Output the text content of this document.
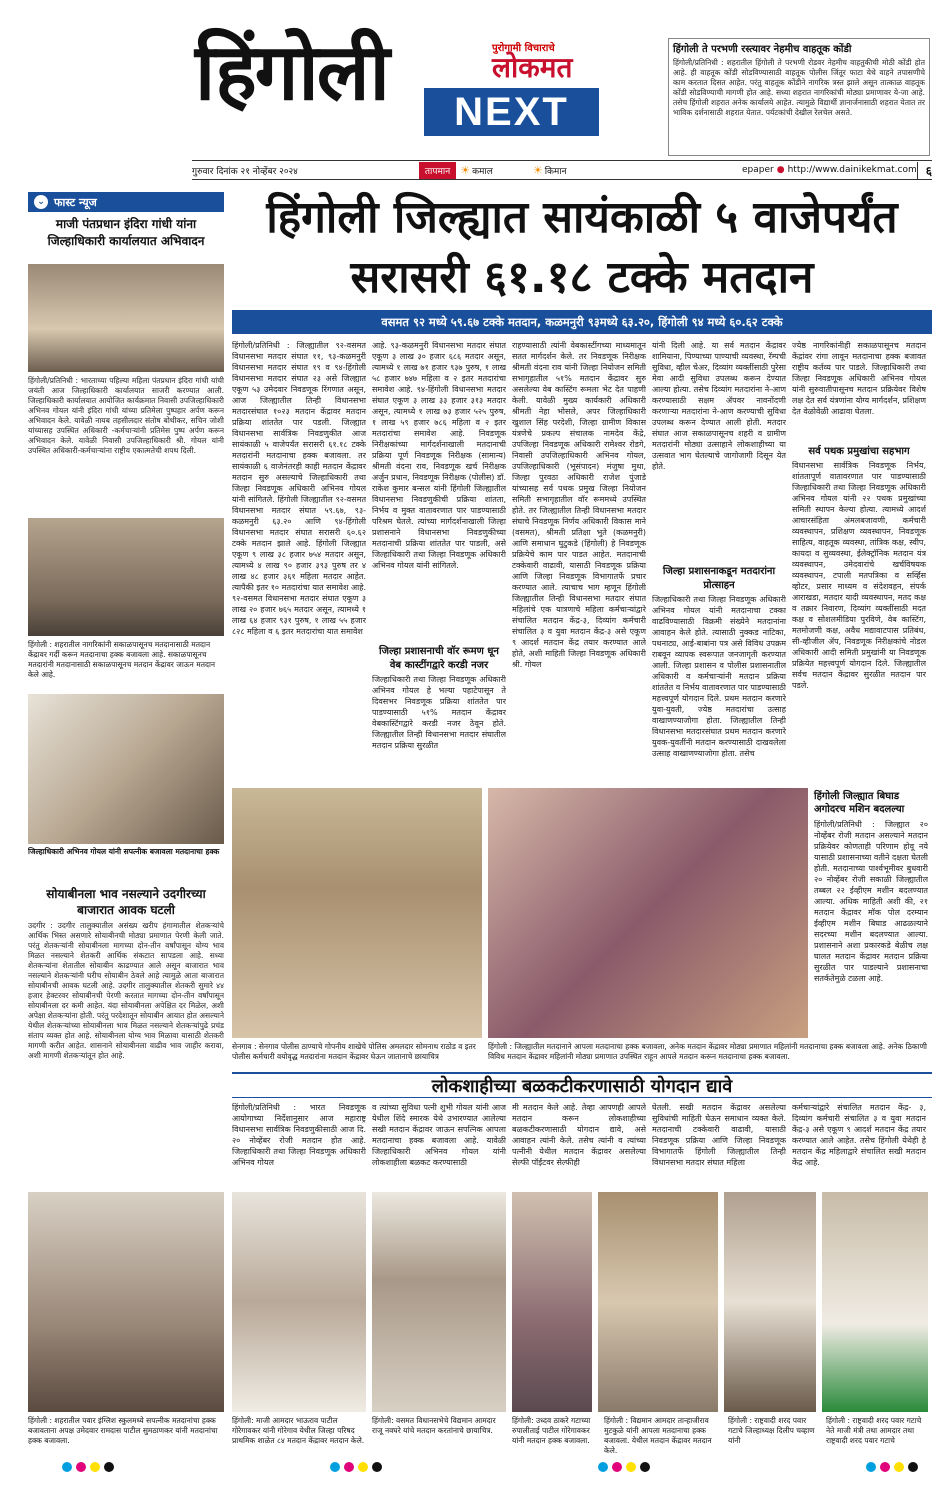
हिंगोली	पुरोगामी विचाराचे
लोकमत
NEXT
हिंगोली ते परभणी रस्त्यावर नेहमीच वाहतूक कोंडी
हिंगोली/प्रतिनिधी : शहरातील हिंगोली ते परभणी रोडवर नेहमीच वाहतुकीची मोठी कोंडी होत आहे. ही वाहतूक कोंडी सोडविण्यासाठी वाहतूक पोलीस जिंतूर फाटा येथे वाहने तपासणीचे काम करतात दिसत आहेत. परंतु वाहतूक कोंडीने नागरिक त्रस्त झाले असून तात्काळ वाहतूक कोंडी सोडविण्याची मागणी होत आहे. सध्या शहरात नागरिकांची मोठ्या प्रमाणावर ये-जा आहे. तसेच हिंगोली शहरात अनेक कार्यालये आहेत. त्यामुळे विद्यार्थी ज्ञानार्जनासाठी शहरात येतात तर भाविक दर्शनासाठी शहरात येतात. पर्यटकांची देखील रेलचेल असते.
गुरुवार दिनांक २१ नोव्हेंबर २०२४	तापमान ☀ कमाल	☀ किमान	epaper ● http://www.dainikekmat.com ६
⌄ फास्ट न्यूज
माजी पंतप्रधान इंदिरा गांधी यांना जिल्हाधिकारी कार्यालयात अभिवादन
हिंगोली/प्रतिनिधी : भारताच्या पहिल्या महिला पंतप्रधान इंदिरा गांधी यांची जयंती आज जिल्हाधिकारी कार्यालयात साजरी करण्यात आली. जिल्हाधिकारी कार्यालयात आयोजित कार्यक्रमात निवासी उपजिल्हाधिकारी अभिनव गोयल यांनी इंदिरा गांधी यांच्या प्रतिमेला पुष्पहार अर्पण करून अभिवादन केले. यावेळी नायब तहसीलदार संतोष बोथीकर, सचिन जोशी यांच्यासह उपस्थित अधिकारी -कर्मचाऱ्यांनी प्रतिमेस पुष्प अर्पण करून अभिवादन केले. यावेळी निवासी उपजिल्हाधिकारी श्री. गोयल यांनी उपस्थित अधिकारी-कर्मचाऱ्यांना राष्ट्रीय एकात्मतेची शपथ दिली.
हिंगोली : शहरातील नागरिकांनी सकाळपासूनच मतदानासाठी मतदान केंद्रावर गर्दी करून मतदानाचा हक्क बजावला आहे. सकाळपासूनच मतदारांनी मतदानासाठी सकाळपासूनच मतदान केंद्रावर जाऊन मतदान केले आहे.
जिल्हाधिकारी अभिनव गोयल यांनी सपत्नीक बजावला मतदानाचा हक्क
हिंगोली जिल्ह्यात सायंकाळी ५ वाजेपर्यंत
सरासरी ६१.१८ टक्के मतदान
वसमत ९२ मध्ये ५९.६७ टक्के मतदान, कळमनुरी ९३मध्ये ६३.२०, हिंगोली ९४ मध्ये ६०.६२ टक्के
हिंगोली/प्रतिनिधी : जिल्ह्यातील ९२-वसमत विधानसभा मतदार संघात ११, ९३-कळमनुरी विधानसभा मतदार संघात १९ व ९४-हिंगोली विधानसभा मतदार संघात २३ असे जिल्ह्यात एकूण ५३ उमेदवार निवडणूक रिंगणात असून, आज जिल्ह्यातील तिन्ही विधानसभा मतदारसंघात १०२३ मतदान केंद्रावर मतदान प्रक्रिया शांततेत पार पडली. जिल्ह्यात विधानसभा सार्वत्रिक निवडणुकीत आज सायंकाळी ५ वाजेपर्यंत सरासरी ६१.१८ टक्के मतदारांनी मतदानाचा हक्क बजावला. तर सायंकाळी ६ वाजेनंतरही काही मतदान केंद्रावर मतदान सुरु असल्याचे जिल्हाधिकारी तथा जिल्हा निवडणूक अधिकारी अभिनव गोयल यांनी सांगितले. हिंगोली जिल्ह्यातील ९२-वसमत विधानसभा मतदार संघात ५९.६७, ९३-कळमनुरी ६३.२० आणि ९४-हिंगोली विधानसभा मतदार संघात सरासरी ६०.६२ टक्के मतदान झाले आहे. हिंगोली जिल्ह्यात एकूण ९ लाख ३८ हजार ७५४ मतदार असून, त्यामध्ये ४ लाख ९० हजार ३९३ पुरुष तर ४ लाख ४८ हजार ३६१ महिला मतदार आहेत. त्यापैकी इतर १० मतदारांचा यात समावेश आहे. ९२-वसमत विधानसभा मतदार संघात एकूण ३ लाख २० हजार ७६५ मतदार असून, त्यामध्ये १ लाख ६४ हजार ९३१ पुरुष, १ लाख ५५ हजार ८२८ महिला व ६ इतर मतदारांचा यात समावेश
आहे. ९३-कळमनुरी विधानसभा मतदार संघात एकूण ३ लाख ३० हजार ६८६ मतदार असून, त्यामध्ये १ लाख ७१ हजार ९३७ पुरुष, १ लाख ५८ हजार ७४७ महिला व २ इतर मतदारांचा समावेश आहे. ९४-हिंगोली विधानसभा मतदार संघात एकूण ३ लाख ३३ हजार ३१३ मतदार असून, त्यामध्ये १ लाख ७३ हजार ५२५ पुरुष, १ लाख ५९ हजार ७८६ महिला व २ इतर मतदारांचा समावेश आहे. निवडणूक निरीक्षकांच्या मार्गदर्शनाखाली मतदानाची प्रक्रिया पूर्ण निवडणूक निरीक्षक (सामान्य) श्रीमती वंदना राव, निवडणूक खर्च निरीक्षक अर्जुन प्रधान, निवडणूक निरीक्षक (पोलीस) डॉ. राकेश कुमार बन्सल यांनी हिंगोली जिल्ह्यातील विधानसभा निवडणुकीची प्रक्रिया शांतता, निर्भय व मुक्त वातावरणात पार पाडण्यासाठी परिश्रम घेतले. त्यांच्या मार्गदर्शनाखाली जिल्हा प्रशासनाने विधानसभा निवडणुकीच्या मतदानाची प्रक्रिया शांततेत पार पाडली, असे जिल्हाधिकारी तथा जिल्हा निवडणूक अधिकारी अभिनव गोयल यांनी सांगितले.
जिल्हा प्रशासनाची वॉर रूमण धून वेब कास्टींगद्वारे करडी नजर
जिल्हाधिकारी तथा जिल्हा निवडणूक अधिकारी अभिनव गोयल हे भल्या पहाटेपासून ते दिवसभर निवडणूक प्रक्रिया शांततेत पार पाडण्यासाठी ५१% मतदान केंद्रावर वेबकास्टिंगद्वारे करडी नजर ठेवून होते. जिल्ह्यातील तिन्ही विधानसभा मतदार संघातील मतदान प्रक्रिया सुरळीत
राहण्यासाठी त्यांनी वेबकास्टींगच्या माध्यमातून सतत मार्गदर्शन केले. तर निवडणूक निरीक्षक श्रीमती वंदना राव यांनी जिल्हा नियोजन समिती सभागृहातील ५१% मतदान केंद्रावर सुरु असलेल्या वेब कास्टिंग रूमला भेट देत पाहणी केली. यावेळी मुख्य कार्यकारी अधिकारी श्रीमती नेहा भोसले, अपर जिल्हाधिकारी खुशाल सिंह परदेशी, जिल्हा ग्रामीण विकास यंत्रणेचे प्रकल्प संचालक नामदेव केंद्रे, उपजिल्हा निवडणूक अधिकारी रामेश्वर रोडगे, निवासी उपजिल्हाधिकारी अभिनव गोयल, उपजिल्हाधिकारी (भूसंपादन) मंजुषा मुथा, जिल्हा पुरवठा अधिकारी राजेश पुंजाडे यांच्यासह सर्व पथक प्रमुख जिल्हा नियोजन समिती सभागृहातील वॉर रूममध्ये उपस्थित होते. तर जिल्ह्यातील तिन्ही विधानसभा मतदार संघाचे निवडणूक निर्णय अधिकारी विकास माने (वसमत), श्रीमती प्रतिक्षा भुते (कळमनुरी) आणि समाधान घुटुकडे (हिंगोली) हे निवडणूक प्रक्रियेचे काम पार पाडत आहेत. मतदानाची टक्केवारी वाढावी, यासाठी निवडणूक प्रक्रिया आणि जिल्हा निवडणूक विभागातर्फे प्रचार करण्यात आले. त्याचाच भाग म्हणून हिंगोली जिल्ह्यातील तिन्ही विधानसभा मतदार संघात महिलांचे एक यात्रणाचे महिला कर्मचाऱ्यांद्वारे संचालित मतदान केंद्र-३, दिव्यांग कर्मचारी संचालित ३ व युवा मतदान केंद्र-३ असे एकूण ९ आदर्श मतदान केंद्र तयार करण्यात आले होते, अशी माहिती जिल्हा निवडणूक अधिकारी श्री. गोयल
यांनी दिली आहे. या सर्व मतदान केंद्रावर शामियाना, पिण्याच्या पाण्याची व्यवस्था, रॅम्पची सुविधा, व्हील चेअर, दिव्यांग व्यक्तींसाठी पुरेसा मेवा आदी सुविधा उपलब्ध करून देण्यात आल्या होत्या. तसेच दिव्यांग मतदारांना ने-आण करण्यासाठी सक्षम ॲपवर नावनोंदणी करणाऱ्या मतदारांना ने-आण करण्याची सुविधा उपलब्ध करून देण्यात आली होती. मतदार संघात आज सकाळपासूनच शहरी व ग्रामीण मतदारांनी मोठ्या उत्साहाने लोकशाहीच्या या उत्सवात भाग घेतल्याचे जागोजागी दिसून येत होते.
जिल्हा प्रशासनाकडून मतदारांना प्रोत्साहन
जिल्हाधिकारी तथा जिल्हा निवडणूक अधिकारी अभिनव गोयल यांनी मतदानाचा टक्का वाढविण्यासाठी विक्रमी संख्येने मतदानांना आवाहन केले होते. त्यासाठी नुक्कड नाटिका, पथनाट्य, आई-बाबांना पत्र असे विविध उपक्रम राबवून व्यापक स्वरूपात जनजागृती करण्यात आली. जिल्हा प्रशासन व पोलीस प्रशासनातील अधिकारी व कर्मचाऱ्यांनी मतदान प्रक्रिया शांततेत व निर्भय वातावरणात पार पाडण्यासाठी महत्त्वपूर्ण योगदान दिले. प्रथम मतदान करणारे युवा-युवती, ज्येष्ठ मतदारांचा उत्साह वाखाणण्याजोगा होता. जिल्ह्यातील तिन्ही विधानसभा मतदारसंघात प्रथम मतदान करणारे युवक-युवतींनी मतदान करण्यासाठी दाखवलेला उत्साह वाखाणण्याजोगा होता. तसेच
ज्येष्ठ नागरिकांनीही सकाळपासूनच मतदान केंद्रांवर रांगा लावून मतदानाचा हक्क बजावत राष्ट्रीय कर्तव्य पार पाडले. जिल्हाधिकारी तथा जिल्हा निवडणूक अधिकारी अभिनव गोयल यांनी सुरुवातीपासूनच मतदान प्रक्रियेवर विशेष लक्ष देत सर्व यंत्रणांना योग्य मार्गदर्शन, प्रशिक्षण देत वेळोवेळी आढावा घेतला.
सर्व पथक प्रमुखांचा सहभाग
विधानसभा सार्वत्रिक निवडणूक निर्भय, शांततापूर्ण वातावरणात पार पाडण्यासाठी जिल्हाधिकारी तथा जिल्हा निवडणूक अधिकारी अभिनव गोयल यांनी २२ पथक प्रमुखांच्या समिती स्थापन केल्या होत्या. त्यामध्ये आदर्श आचारसंहिता अंमलबजावणी, कर्मचारी व्यवस्थापन, प्रशिक्षण व्यवस्थापन, निवडणूक साहित्य, वाहतूक व्यवस्था, तांत्रिक कक्ष, स्वीप, कायदा व सुव्यवस्था, ईलेक्ट्रॉनिक मतदान यंत्र व्यवस्थापन, उमेदवारांचे खर्चविषयक व्यवस्थापन, टपाली मतपत्रिका व सर्व्हिस व्होटर, प्रसार माध्यम व संदेशवहन, संपर्क आराखडा, मतदार यादी व्यवस्थापन, मतद कक्ष व तक्रार निवारण, दिव्यांग व्यक्तींसाठी मदत कक्ष व सोशलमीडिया पुरविणे, वेब कास्टिंग, मतमोजणी कक्ष, अवैध मद्यावाटपास प्रतिबंध, सी-व्हीजील ॲप, निवडणूक निरीक्षकांचे नोडल अधिकारी आदी समिती प्रमुखांनी या निवडणूक प्रक्रियेत महत्त्वपूर्ण योगदान दिले. जिल्ह्यातील सर्वच मतदान केंद्रावर सुरळीत मतदान पार पडले.
सेनगाव : सेनगाव पोलीस ठाण्याचे गोपनीय शाखेचे पोलिस अमलदार सोमनाथ राठोड व इतर पोलीस कर्मचारी वयोवृद्ध मतदारांना मतदान केंद्रावर घेऊन जातानाचे छायाचित्र
हिंगोली : जिल्ह्यातील मतदानाने आपला मतदानाचा हक्क बजावला, अनेक मतदान केंद्रावर मोठ्या प्रमाणात महिलांनी मतदानाचा हक्क बजावला आहे. अनेक ठिकाणी विविध मतदान केंद्रावर महिलांनी मोठ्या प्रमाणात उपस्थित राहून आपले मतदान करून मतदानाचा हक्क बजावला.
हिंगोली जिल्ह्यात बिघाड अगोदरच मशिन बदलल्या
हिंगोली/प्रतिनिधी : जिल्ह्यात २० नोव्हेंबर रोजी मतदान असल्याने मतदान प्रक्रियेवर कोणताही परिणाम होवू नये यासाठी प्रशासनाच्या वतीने दक्षता घेतली होती. मतदानाच्या पार्श्वभूमीवर बुधवारी २० नोव्हेंबर रोजी सकाळी जिल्ह्यातील तब्बल २२ ईव्हीएम मशीन बदलण्यात आल्या. अधिक माहिती अशी की, २१ मतदान केंद्रावर मॉक पोल दरम्यान ईव्हीएम मशीन बिघाड आढळल्याने सदरच्या मशीन बदलण्यात आल्या. प्रशासनाने अशा प्रकारकडे बेळीच लक्ष घालत मतदान केंद्रावर मतदान प्रक्रिया सुरळीत पार पाडल्याने प्रशासनाचा सतर्कतेमुळे टळला आहे.
सोयाबीनला भाव नसल्याने उदगीरच्या बाजारात आवक घटली
उदगीर : उदगीर तालुक्यातील असंख्य खरीप हंगामातील शेतकऱ्यांचे आर्थिक भिस्त असणारे सोयाबीनची मोठ्या प्रमाणात पेरणी केली जाते. परंतु शेतकऱ्यांनी सोयाबीनला मागच्या दोन-तीन वर्षांपासून योग्य भाव मिळत नसल्याने शेतकरी आर्थिक संकटात सापडला आहे. सध्या शेतकऱ्यांना शेतातील सोयाबीन काढण्यात आले असून बाजारात भाव नसल्याने शेतकऱ्यांनी घरीच सोयाबीन ठेवले आहे त्यामुळे आता बाजारात सोयाबीनची आवक घटली आहे. उदगीर तालुक्यातील शेतकरी सुमारे ४४ हजार हेक्टरवर सोयाबीनची पेरणी करतात मागच्या दोन-तीन वर्षांपासून सोयाबीनला दर कमी आहेत. यंदा सोयाबीनला अपेक्षित दर मिळेल, अशी अपेक्षा शेतकऱ्यांना होती. परंतु परदेशातून सोयाबीन आयात होत असल्याने येथील शेतकऱ्यांच्या सोयाबीनला भाव मिळत नसल्याने शेतकऱ्यांपुढे प्रचंड संताप व्यक्त होत आहे. सोयाबीनला योग्य भाव मिळावा यासाठी शेतकरी मागणी करीत आहेत. शासनाने सोयाबीनला वाढीव भाव जाहीर करावा, अशी मागणी शेतकऱ्यांतून होत आहे.
लोकशाहीच्या बळकटीकरणासाठी योगदान द्यावे
हिंगोली/प्रतिनिधी : भारत निवडणूक आयोगाच्या निर्देशानुसार आज महाराष्ट्र विधानसभा सार्वत्रिक निवडणुकीसाठी आज दि. २० नोव्हेंबर रोजी मतदान होत आहे. जिल्हाधिकारी तथा जिल्हा निवडणूक अधिकारी अभिनव गोयल
व त्यांच्या सुविधा पत्नी शुभी गोयल यांनी आज येथील शिंदे स्मारक येथे उभारण्यात आलेल्या सखी मतदान केंद्रावर जाऊन सपत्निक आपला मतदानाचा हक्क बजावला आहे. यावेळी जिल्हाधिकारी अभिनव गोयल यांनी लोकशाहीला बळकट करण्यासाठी
मी मतदान केले आहे. तेव्हा आपणही आपले मतदान करून लोकशाहीच्या बळकटीकरणासाठी योगदान द्यावे, असे आवाहन त्यांनी केले. तसेच त्यांनी व त्यांच्या पत्नीनी येथील मतदान केंद्रावर असलेल्या सेल्फी पॉईंटवर सेल्फीही
घेतली. सखी मतदान केंद्रावर असलेल्या सुविधांची माहिती घेऊन समाधान व्यक्त केले. मतदानाची टक्केवारी वाढावी, यासाठी निवडणूक प्रक्रिया आणि जिल्हा निवडणूक विभागातर्फे हिंगोली जिल्ह्यातील तिन्ही विधानसभा मतदार संघात महिला
कर्मचाऱ्यांद्वारे संचालित मतदान केंद्र- ३, दिव्यांग कर्मचारी संचालित ३ व युवा मतदान केंद्र-३ असे एकूण ९ आदर्श मतदान केंद्र तयार करण्यात आले आहेत. तसेच हिंगोली येथेही हे मतदान केंद्र महिलाद्वारे संचालित सखी मतदान केंद्र आहे.
हिंगोली : शहरातील पवार इंग्लिश स्कुलमध्ये सपत्नीक मतदानांचा हक्क बजावताना अपक्ष उमेदवार रामदास पाटील सुमठाणकर यांनी मतदानांचा हक्क बजावला.
हिंगोली: माजी आमदार भाऊराव पाटील गोरेगावकर यांनी गोरेगाव येथील जिल्हा परिषद प्राथमिक शाळेत ८४ मतदान केंद्रावर मतदान केले.
हिंगोली: वसमत विधानसभेचे विद्यमान आमदार राजू नवघरे यांचे मतदान करतांनाचे छायाचित्र.
हिंगोली: उध्दव ठाकरे गटाच्या रुपालीताई पाटील गोरेगावकर यांनी मतदान हक्क बजावला.
हिंगोली : विद्यमान आमदार तान्हाजीराव मुटकुळे यांनी आपला मतदानाचा हक्क बजावला. येथील मतदान केंद्रावर मतदान केले.
हिंगोली : राष्ट्रवादी शरद पवार गटाचे जिल्हाध्यक्ष दिलीप चव्हाण यांनी
हिंगोली : राष्ट्रवादी शरद पवार गटाचे नेते माजी मंत्री तथा आमदार तथा राष्ट्रवादी शरद पवार गटाचे
